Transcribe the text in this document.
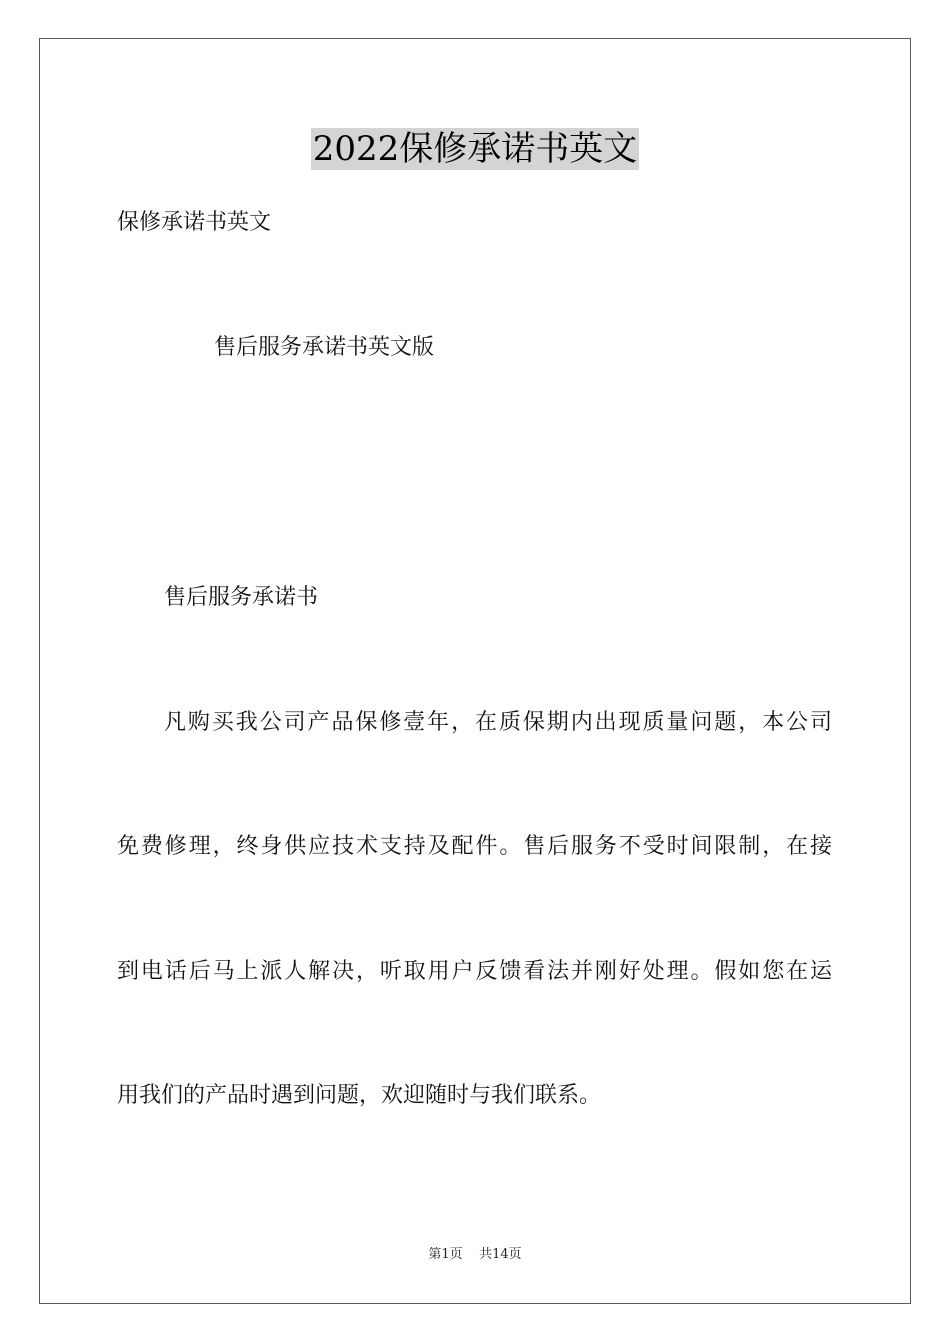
2022保修承诺书英文
保修承诺书英文
售后服务承诺书英文版
售后服务承诺书
凡购买我公司产品保修壹年，在质保期内出现质量问题，本公司
免费修理，终身供应技术支持及配件。售后服务不受时间限制，在接
到电话后马上派人解决，听取用户反馈看法并刚好处理。假如您在运
用我们的产品时遇到问题，欢迎随时与我们联系。
第1页 共14页
